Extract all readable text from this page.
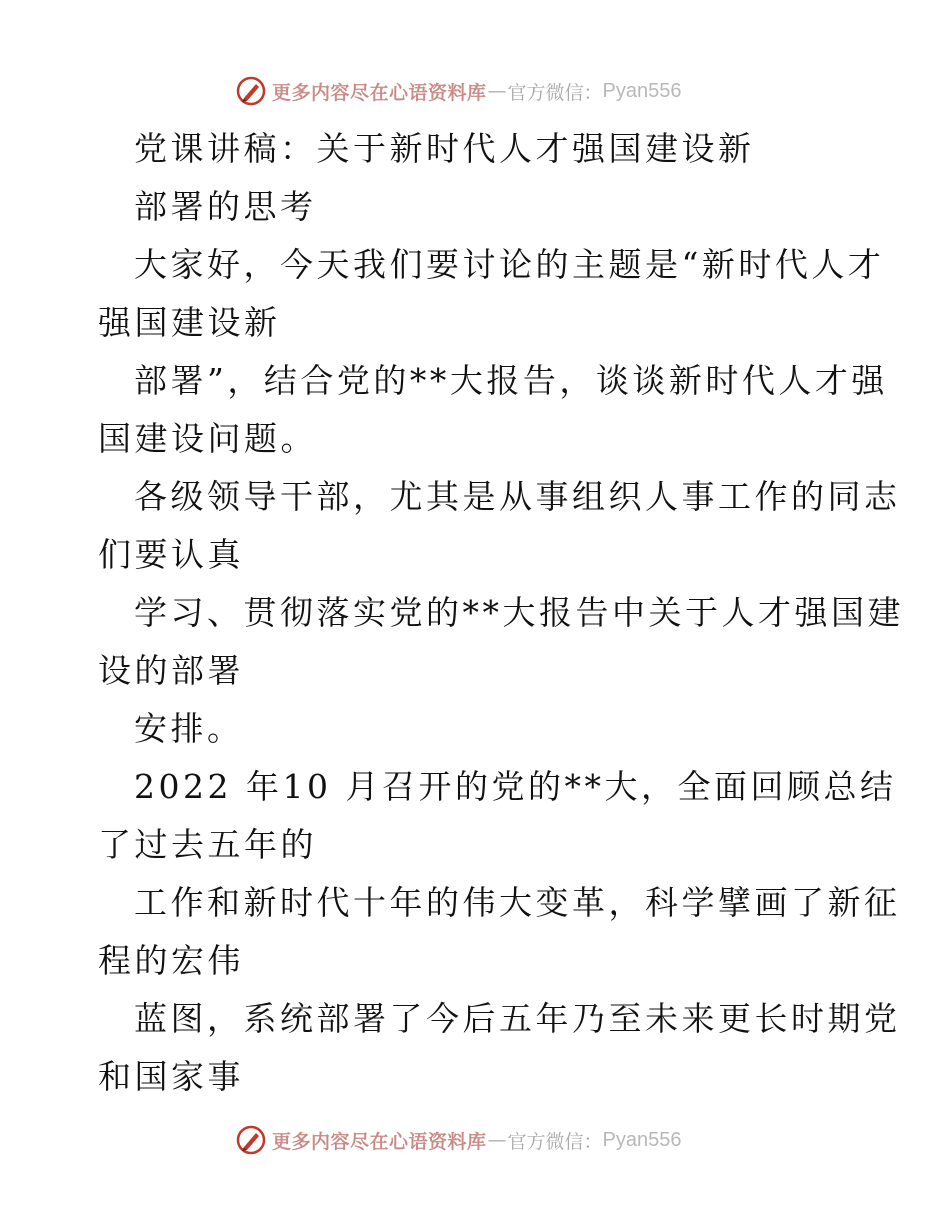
更多内容尽在心语资料库 — 官方微信： Pyan556
党课讲稿：关于新时代人才强国建设新
部署的思考
大家好，今天我们要讨论的主题是“新时代人才
强国建设新
部署”，结合党的**大报告，谈谈新时代人才强
国建设问题。
各级领导干部，尤其是从事组织人事工作的同志
们要认真
学习、贯彻落实党的**大报告中关于人才强国建
设的部署
安排。
2022 年10 月召开的党的**大，全面回顾总结
了过去五年的
工作和新时代十年的伟大变革，科学擘画了新征
程的宏伟
蓝图，系统部署了今后五年乃至未来更长时期党
和国家事
更多内容尽在心语资料库 — 官方微信： Pyan556
